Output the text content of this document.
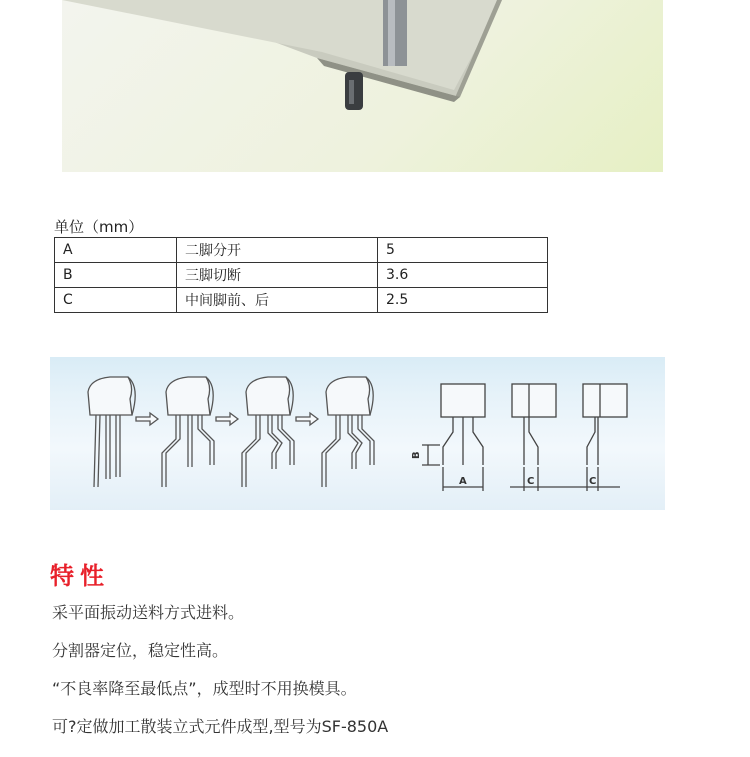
单位（mm）
A	二脚分开	5
B	三脚切断	3.6
C	中间脚前、后	2.5
A
B
C	C
特性
采平面振动送料方式进料。
分割器定位，稳定性高。
“不良率降至最低点”，成型时不用换模具。
可?定做加工散装立式元件成型,型号为SF-850A
